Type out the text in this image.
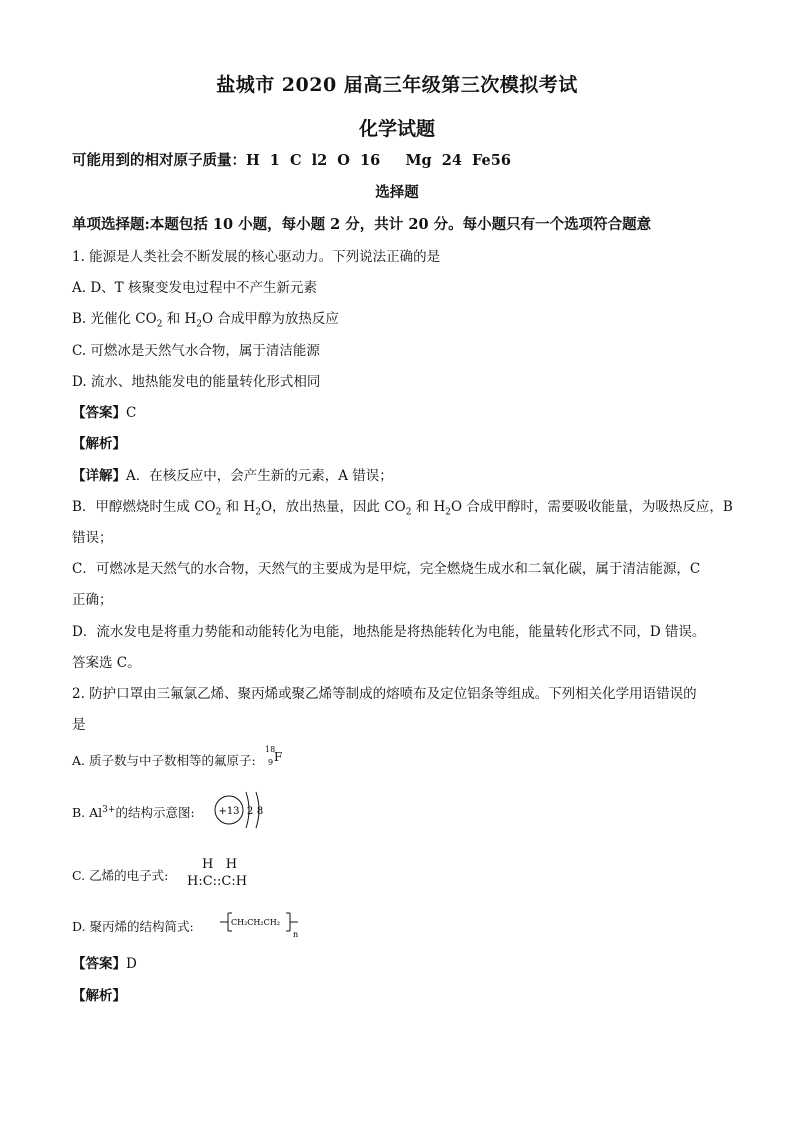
盐城市 2020 届高三年级第三次模拟考试
化学试题
可能用到的相对原子质量：H  1  C  l2  O  16     Mg  24  Fe56
选择题
单项选择题:本题包括 10 小题，每小题 2 分，共计 20 分。每小题只有一个选项符合题意
1. 能源是人类社会不断发展的核心驱动力。下列说法正确的是
A. D、T 核聚变发电过程中不产生新元素
B. 光催化 $CO_2$ 和 $H_2O$ 合成甲醇为放热反应
C. 可燃冰是天然气水合物，属于清洁能源
D. 流水、地热能发电的能量转化形式相同
【答案】C
【解析】
【详解】A．在核反应中，会产生新的元素，A 错误；
B．甲醇燃烧时生成 $CO_2$ 和 $H_2O$，放出热量，因此 $CO_2$ 和 $H_2O$ 合成甲醇时，需要吸收能量，为吸热反应，B
错误；
C．可燃冰是天然气的水合物，天然气的主要成为是甲烷，完全燃烧生成水和二氧化碳，属于清洁能源，C
正确；
D．流水发电是将重力势能和动能转化为电能，地热能是将热能转化为电能，能量转化形式不同，D 错误。
答案选 C。
2. 防护口罩由三氟氯乙烯、聚丙烯或聚乙烯等制成的熔喷布及定位铝条等组成。下列相关化学用语错误的
是
A. 质子数与中子数相等的氟原子:
18
9 F
B. $Al^{3+}$的结构示意图: +13 2 8
C. 乙烯的电子式:
H   H
H:C::C:H
D. 聚丙烯的结构简式:	CH₂CH₂CH₂
n
【答案】D
【解析】
